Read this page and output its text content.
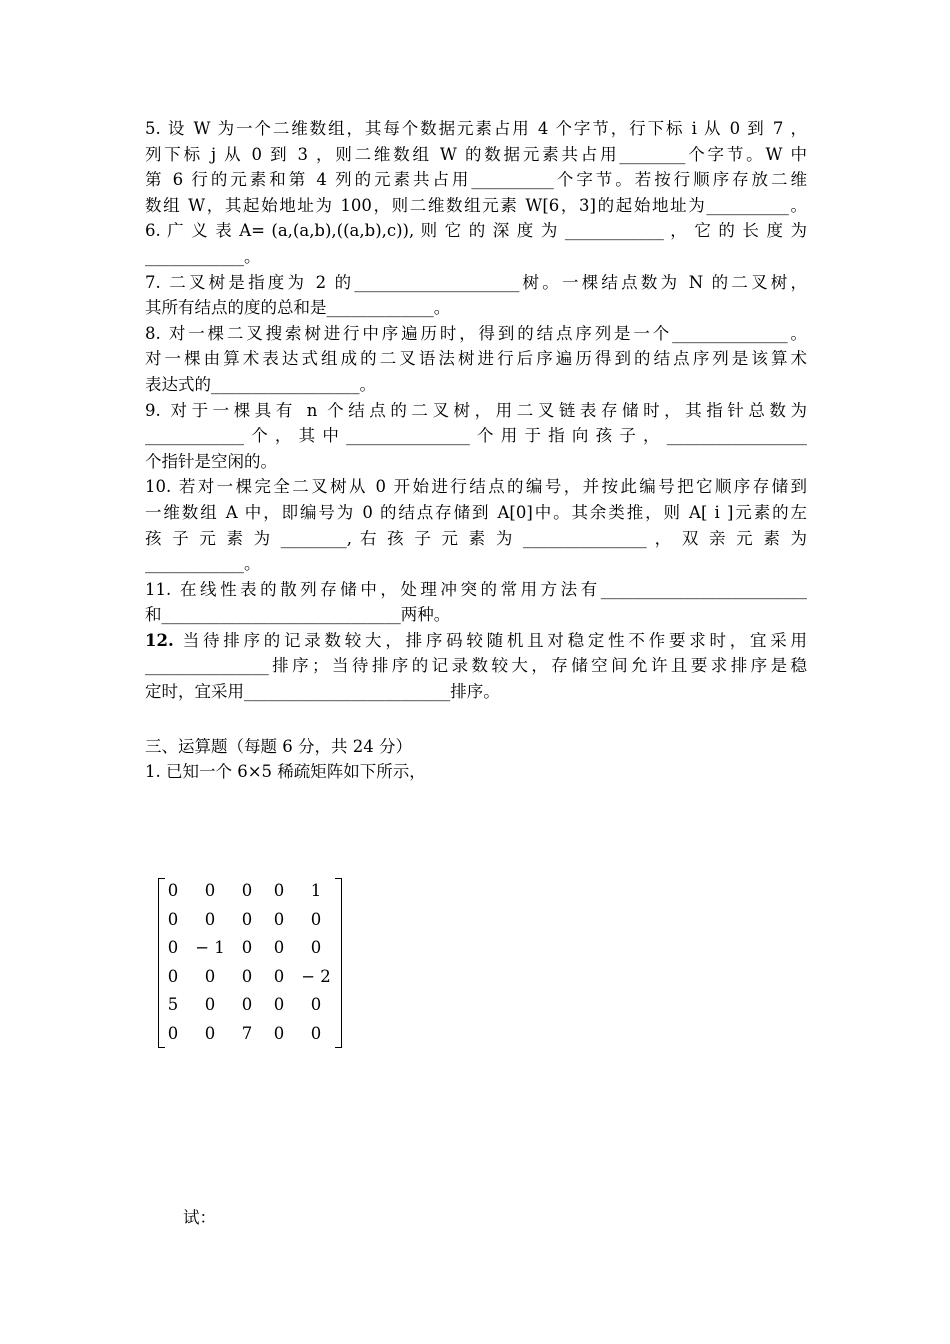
5. 设 W 为一个二维数组，其每个数据元素占用 4 个字节，行下标 i 从 0 到 7 ，
列下标 j 从 0 到 3 ，则二维数组 W 的数据元素共占用________个字节。W 中
第 6 行的元素和第 4 列的元素共占用__________个字节。若按行顺序存放二维
数组 W，其起始地址为 100，则二维数组元素 W[6，3]的起始地址为__________。
6. 广 义 表 A= (a,(a,b),((a,b),c)), 则 它 的 深 度 为 ____________ ， 它 的 长 度 为
____________。
7. 二叉树是指度为 2 的____________________树。一棵结点数为 N 的二叉树，
其所有结点的度的总和是_____________。
8. 对一棵二叉搜索树进行中序遍历时，得到的结点序列是一个______________。
对一棵由算术表达式组成的二叉语法树进行后序遍历得到的结点序列是该算术
表达式的__________________。
9. 对于一棵具有 n 个结点的二叉树，用二叉链表存储时，其指针总数为
____________个，其中_______________个用于指向孩子，_________________
个指针是空闲的。
10. 若对一棵完全二叉树从 0 开始进行结点的编号，并按此编号把它顺序存储到
一维数组 A 中，即编号为 0 的结点存储到 A[0]中。其余类推，则 A[ i ]元素的左
孩 子 元 素 为 ________, 右 孩 子 元 素 为 _______________ ， 双 亲 元 素 为
____________。
11. 在线性表的散列存储中，处理冲突的常用方法有_________________________
和_____________________________两种。
12. 当待排序的记录数较大，排序码较随机且对稳定性不作要求时，宜采用
_______________排序；当待排序的记录数较大，存储空间允许且要求排序是稳
定时，宜采用_________________________排序。
三、运算题（每题 6 分，共 24 分）
1. 已知一个 6×5 稀疏矩阵如下所示，
0	0	0	0	1
0	0	0	0	0
0	− 1	0	0	0
0	0	0	0	− 2
5	0	0	0	0
0	0	7	0	0
试：
